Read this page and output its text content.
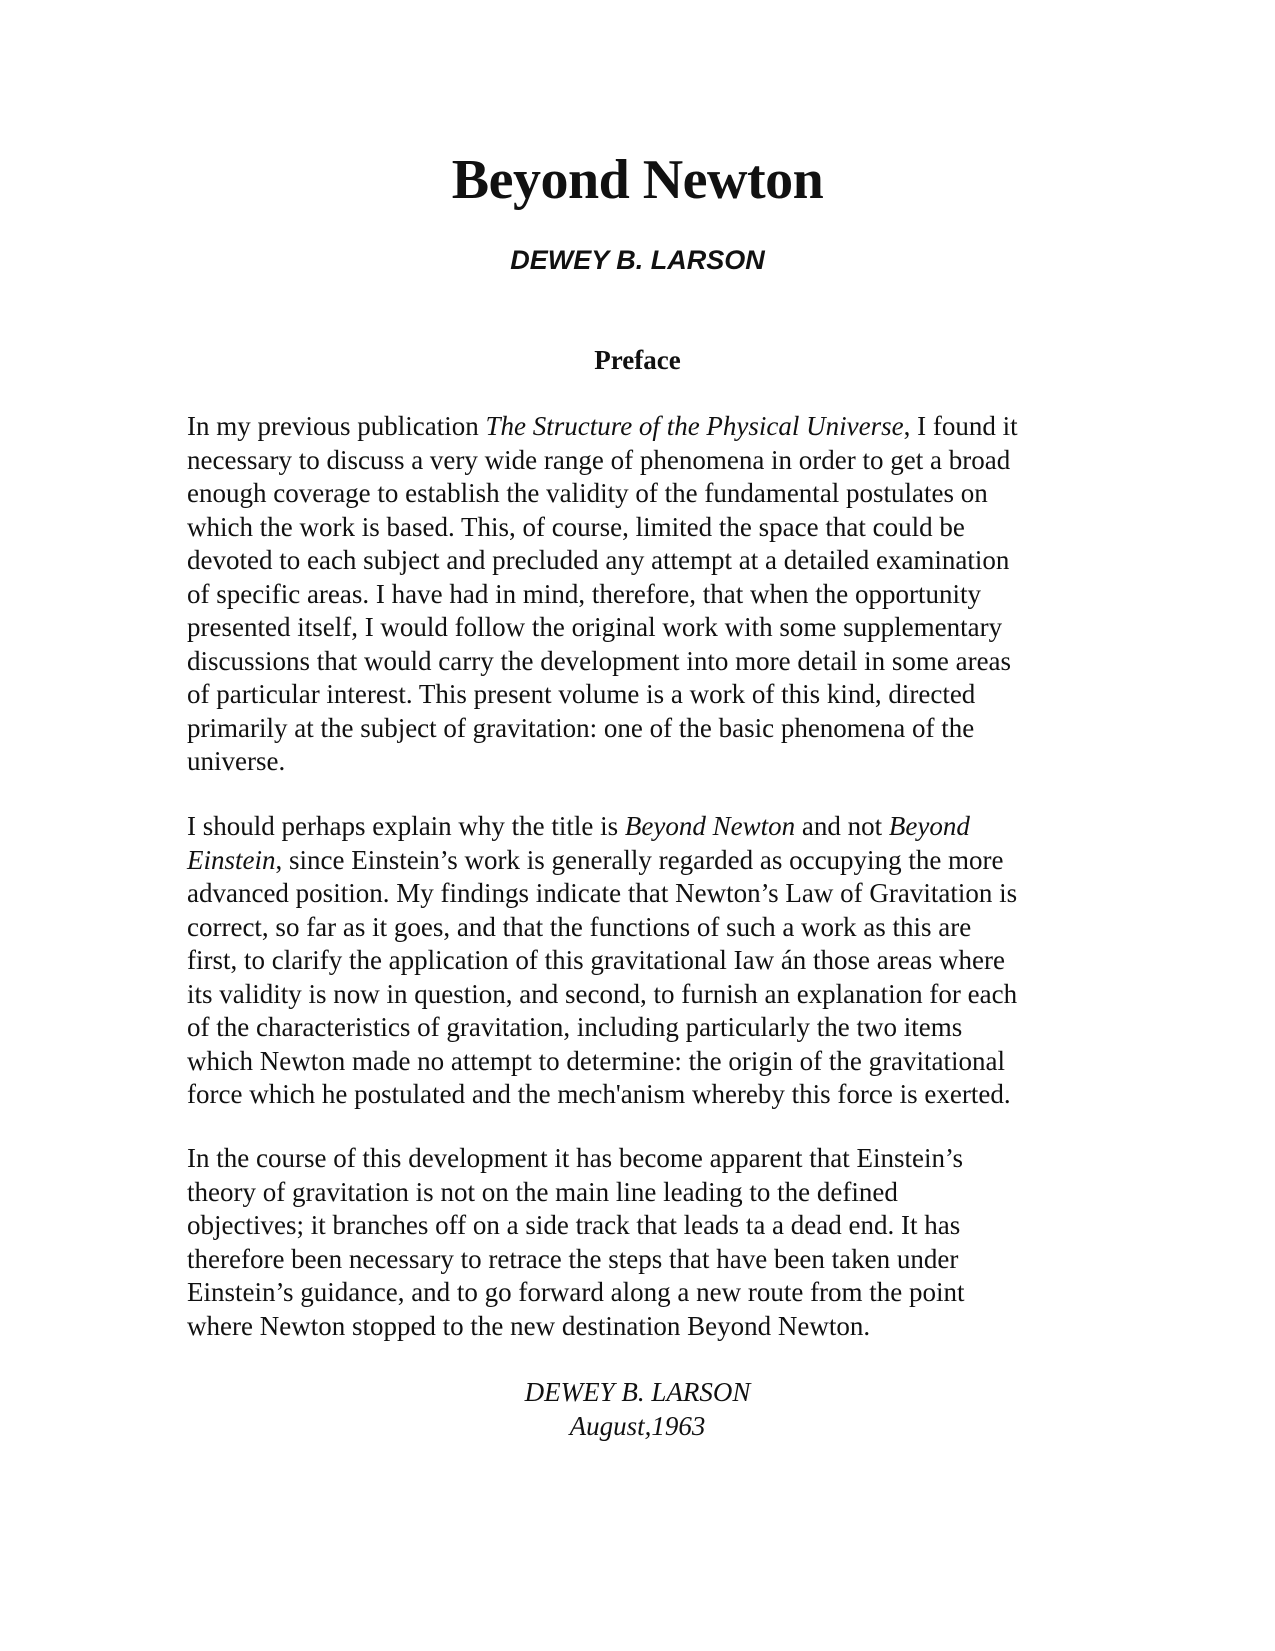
Beyond Newton
DEWEY B. LARSON
Preface
In my previous publication The Structure of the Physical Universe, I found it
necessary to discuss a very wide range of phenomena in order to get a broad
enough coverage to establish the validity of the fundamental postulates on
which the work is based. This, of course, limited the space that could be
devoted to each subject and precluded any attempt at a detailed examination
of specific areas. I have had in mind, therefore, that when the opportunity
presented itself, I would follow the original work with some supplementary
discussions that would carry the development into more detail in some areas
of particular interest. This present volume is a work of this kind, directed
primarily at the subject of gravitation: one of the basic phenomena of the
universe.
I should perhaps explain why the title is Beyond Newton and not Beyond
Einstein, since Einstein’s work is generally regarded as occupying the more
advanced position. My findings indicate that Newton’s Law of Gravitation is
correct, so far as it goes, and that the functions of such a work as this are
first, to clarify the application of this gravitational Iaw án those areas where
its validity is now in question, and second, to furnish an explanation for each
of the characteristics of gravitation, including particularly the two items
which Newton made no attempt to determine: the origin of the gravitational
force which he postulated and the mech'anism whereby this force is exerted.
In the course of this development it has become apparent that Einstein’s
theory of gravitation is not on the main line leading to the defined
objectives; it branches off on a side track that leads ta a dead end. It has
therefore been necessary to retrace the steps that have been taken under
Einstein’s guidance, and to go forward along a new route from the point
where Newton stopped to the new destination Beyond Newton.
DEWEY B. LARSON
August,1963
